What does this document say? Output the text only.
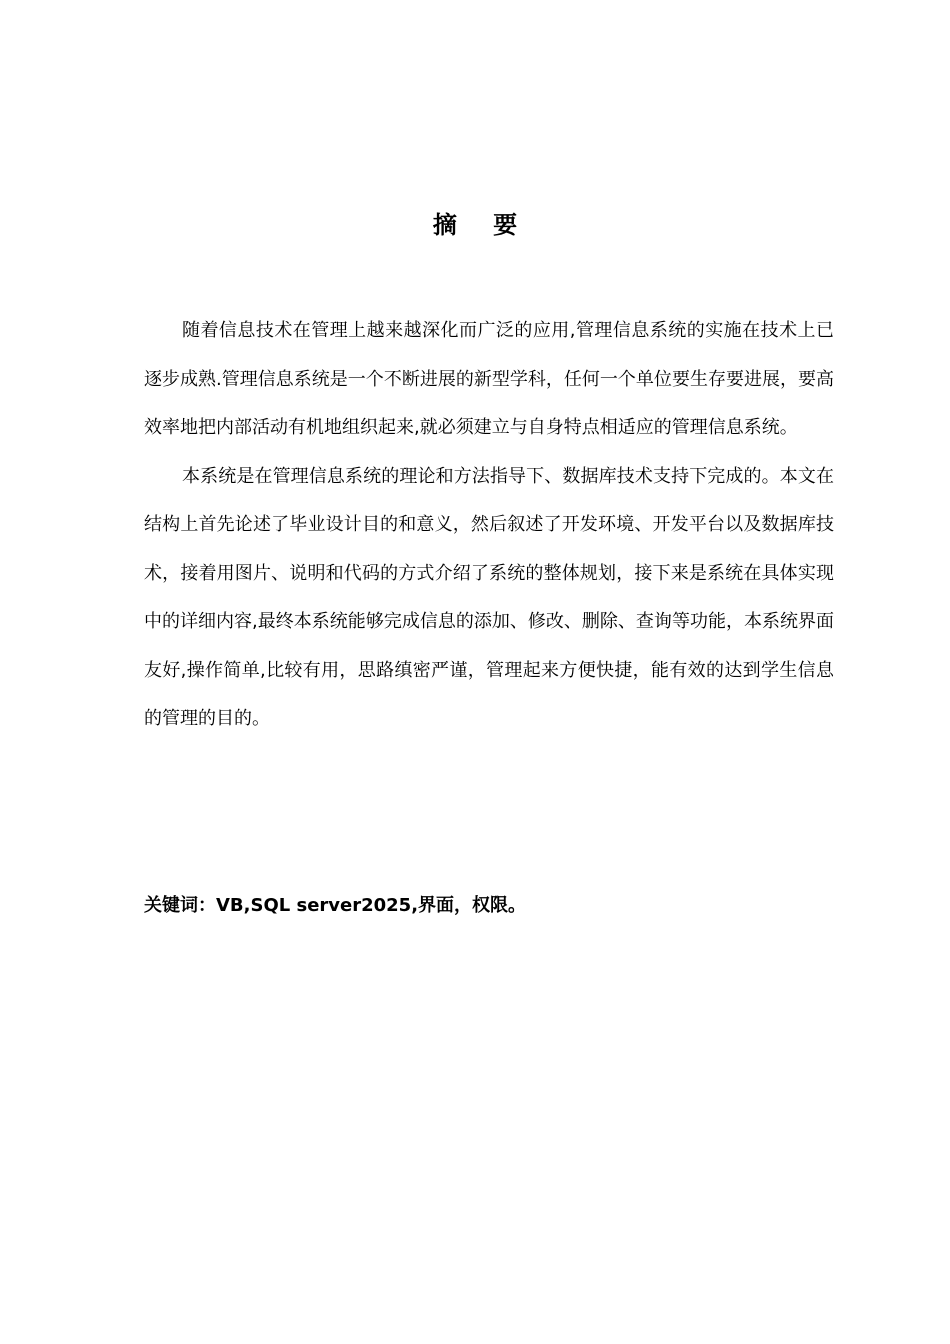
摘 要

随着信息技术在管理上越来越深化而广泛的应用,管理信息系统的实施在技术上已逐步成熟.管理信息系统是一个不断进展的新型学科，任何一个单位要生存要进展，要高效率地把内部活动有机地组织起来,就必须建立与自身特点相适应的管理信息系统。

本系统是在管理信息系统的理论和方法指导下、数据库技术支持下完成的。本文在结构上首先论述了毕业设计目的和意义，然后叙述了开发环境、开发平台以及数据库技术，接着用图片、说明和代码的方式介绍了系统的整体规划，接下来是系统在具体实现中的详细内容,最终本系统能够完成信息的添加、修改、删除、查询等功能，本系统界面友好,操作简单,比较有用，思路缜密严谨，管理起来方便快捷，能有效的达到学生信息的管理的目的。

关键词：VB,SQL server2025,界面，权限。
